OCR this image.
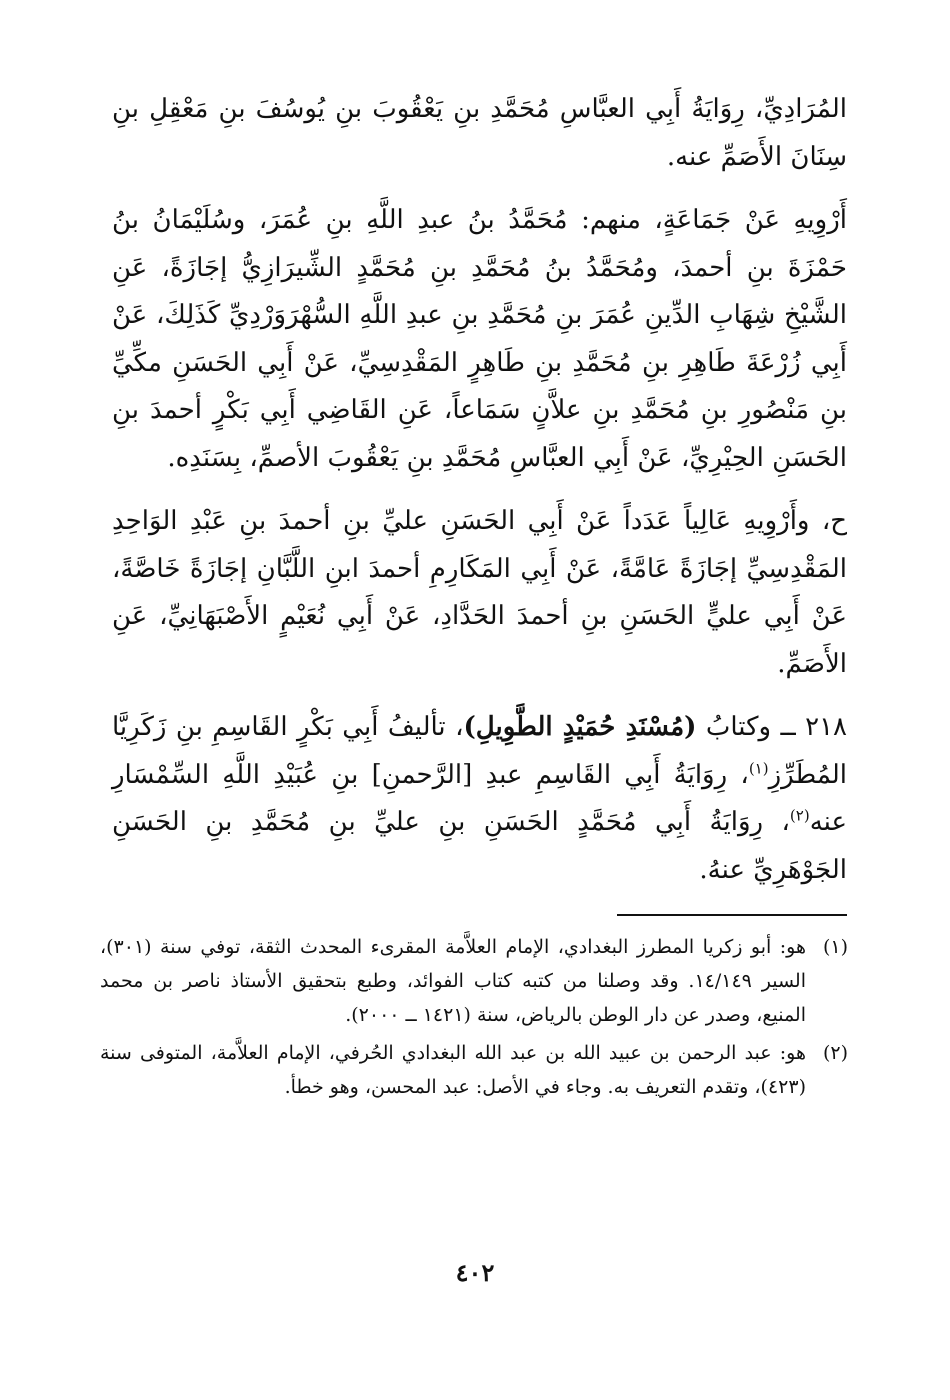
المُرَادِيِّ، رِوَايَةُ أَبِي العبَّاسِ مُحَمَّدِ بنِ يَعْقُوبَ بنِ يُوسُفَ بنِ مَعْقِلِ بنِ سِنَانَ الأَصَمِّ عنه.

أَرْوِيهِ عَنْ جَمَاعَةٍ، منهم: مُحَمَّدُ بنُ عبدِ اللَّهِ بنِ عُمَرَ، وسُلَيْمَانُ بنُ حَمْزَةَ بنِ أحمدَ، ومُحَمَّدُ بنُ مُحَمَّدِ بنِ مُحَمَّدٍ الشِّيرَازِيُّ إجَازَةً، عَنِ الشَّيْخِ شِهَابِ الدِّينِ عُمَرَ بنِ مُحَمَّدِ بنِ عبدِ اللَّهِ السُّهْرَوَرْدِيِّ كَذَلِكَ، عَنْ أَبِي زُرْعَةَ طَاهِرِ بنِ مُحَمَّدِ بنِ طَاهِرٍ المَقْدِسِيِّ، عَنْ أَبِي الحَسَنِ مكِّيِّ بنِ مَنْصُورِ بنِ مُحَمَّدِ بنِ علاَّنٍ سَمَاعاً، عَنِ القَاضِي أَبِي بَكْرٍ أحمدَ بنِ الحَسَنِ الحِيْرِيِّ، عَنْ أَبِي العبَّاسِ مُحَمَّدِ بنِ يَعْقُوبَ الأصمِّ، بِسَنَدِه.

ح، وأَرْوِيهِ عَالِياً عَدَداً عَنْ أَبِي الحَسَنِ عليِّ بنِ أحمدَ بنِ عَبْدِ الوَاحِدِ المَقْدِسِيِّ إجَازَةً عَامَّةً، عَنْ أَبِي المَكَارِمِ أحمدَ ابنِ اللَّبَّانِ إجَازَةً خَاصَّةً، عَنْ أَبِي عليٍّ الحَسَنِ بنِ أحمدَ الحَدَّادِ، عَنْ أَبِي نُعَيْمٍ الأَصْبَهَانِيِّ، عَنِ الأَصَمِّ.

٢١٨ ــ وكتابُ (مُسْنَدِ حُمَيْدٍ الطَّوِيلِ)، تأليفُ أَبِي بَكْرٍ القَاسِمِ بنِ زَكَرِيَّا المُطَرِّزِ$^{(١)}$، رِوَايَةُ أَبِي القَاسِمِ عبدِ [الرَّحمنِ] بنِ عُبَيْدِ اللَّهِ السِّمْسَارِ عنه$^{(٢)}$، رِوَايَةُ أَبِي مُحَمَّدٍ الحَسَنِ بنِ عليِّ بنِ مُحَمَّدِ بنِ الحَسَنِ الجَوْهَرِيِّ عنهُ.

(١)
هو: أبو زكريا المطرز البغدادي، الإمام العلاَّمة المقرىء المحدث الثقة، توفي سنة (٣٠١)، السير ١٤/١٤٩. وقد وصلنا من كتبه كتاب الفوائد، وطبع بتحقيق الأستاذ ناصر بن محمد المنيع، وصدر عن دار الوطن بالرياض، سنة (١٤٢١ ــ ٢٠٠٠).
(٢)
هو: عبد الرحمن بن عبيد الله بن عبد الله البغدادي الحُرفي، الإمام العلاَّمة، المتوفى سنة (٤٢٣)، وتقدم التعريف به. وجاء في الأصل: عبد المحسن، وهو خطأ.
٤٠٢
